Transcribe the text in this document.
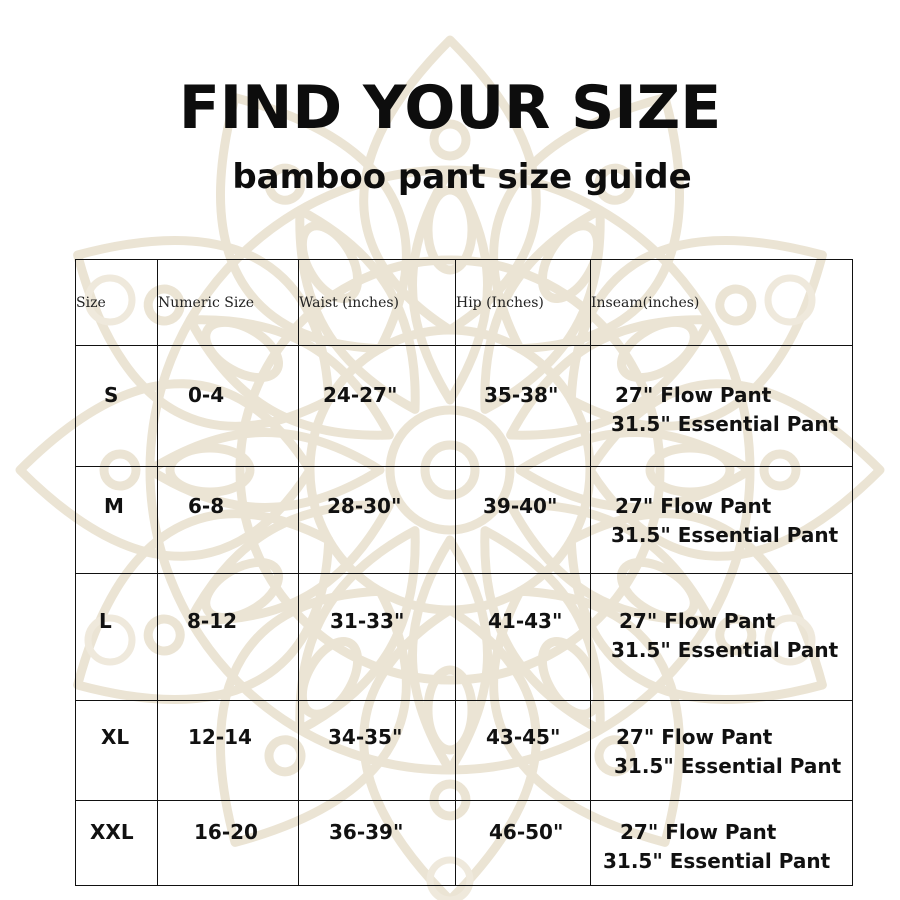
FIND YOUR SIZE
bamboo pant size guide
Size	Numeric Size	Waist (inches)	Hip (Inches)	Inseam(inches)

S	0-4	24-27"	35-38"	27" Flow Pant
31.5" Essential Pant

M	6-8	28-30"	39-40"	27" Flow Pant
31.5" Essential Pant

L	8-12	31-33"	41-43"	27" Flow Pant
31.5" Essential Pant

XL	12-14	34-35"	43-45"	27" Flow Pant
31.5" Essential Pant

XXL	16-20	36-39"	46-50"	27" Flow Pant
31.5" Essential Pant
